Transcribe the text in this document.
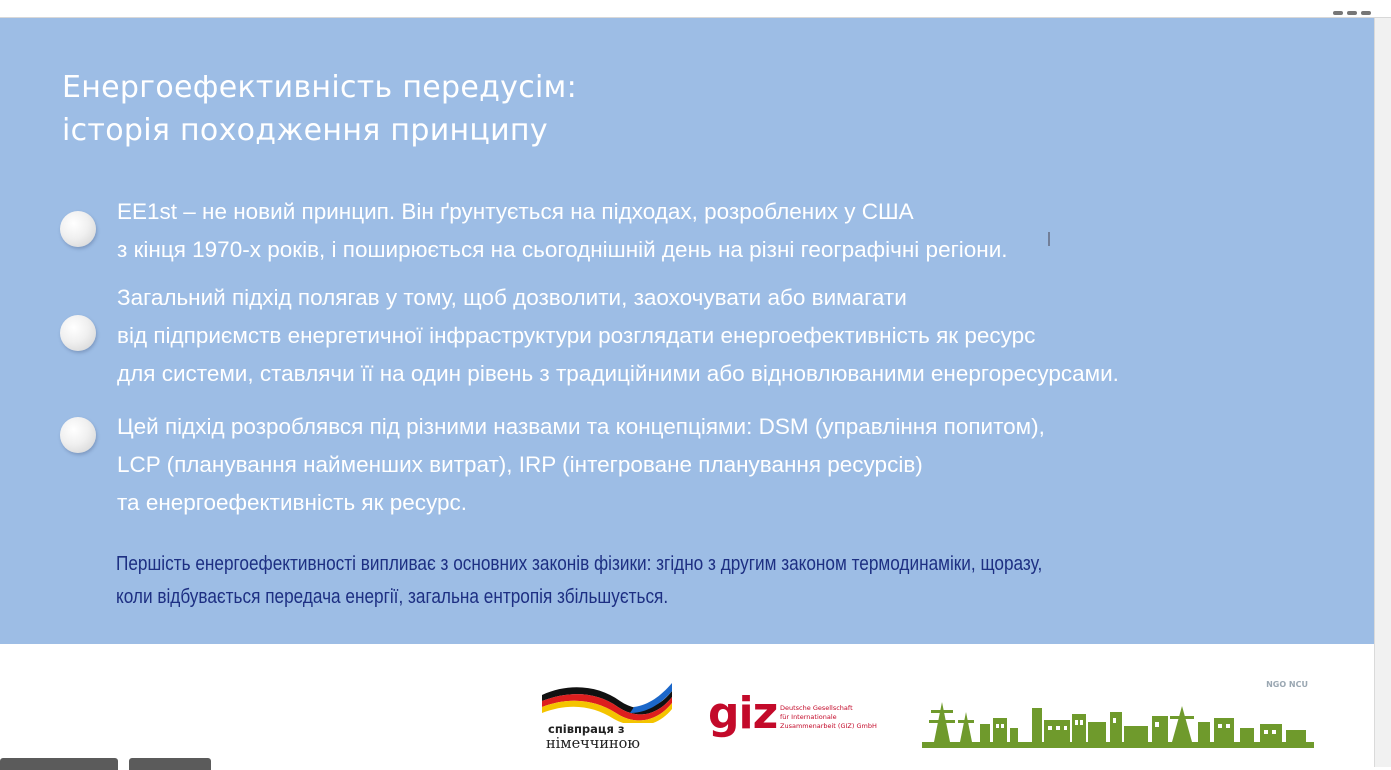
Енергоефективність передусім:
історія походження принципу
EE1st – не новий принцип. Він ґрунтується на підходах, розроблених у США
з кінця 1970-х років, і поширюється на сьогоднішній день на різні географічні регіони.
Загальний підхід полягав у тому, щоб дозволити, заохочувати або вимагати
від підприємств енергетичної інфраструктури розглядати енергоефективність як ресурс
для системи, ставлячи її на один рівень з традиційними або відновлюваними енергоресурсами.
Цей підхід розроблявся під різними назвами та концепціями: DSM (управління попитом),
LCP (планування найменших витрат), IRP (інтегроване планування ресурсів)
та енергоефективність як ресурс.
Першість енергоефективності випливає з основних законів фізики: згідно з другим законом термодинаміки, щоразу,
коли відбувається передача енергії, загальна ентропія збільшується.
співпраця з
німеччиною
giz Deutsche Gesellschaft
für Internationale
Zusammenarbeit (GIZ) GmbH
NGO NCU
